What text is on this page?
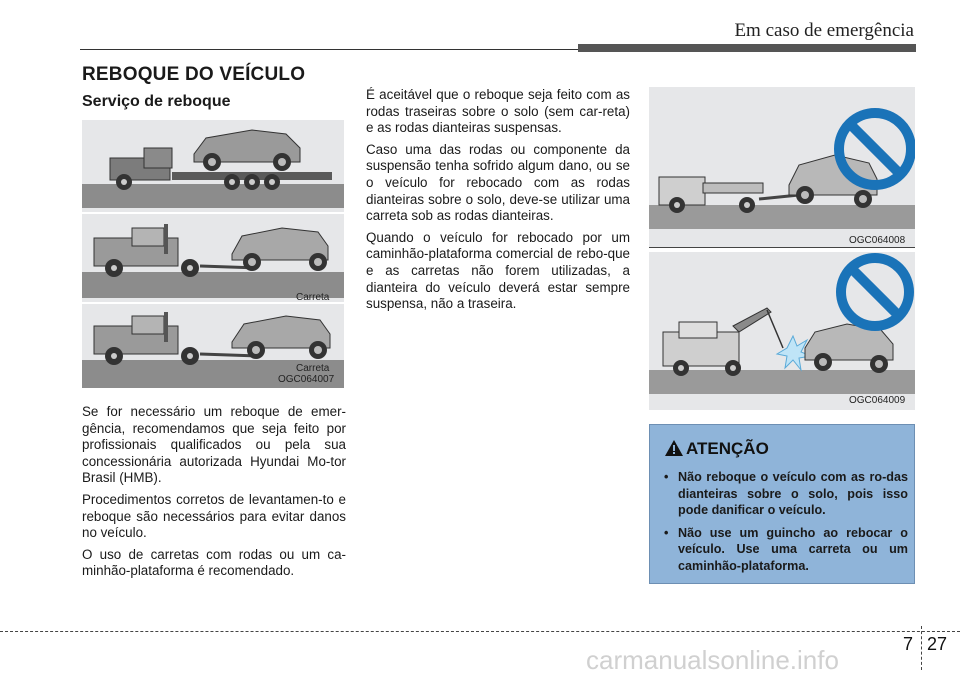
Em caso de emergência
REBOQUE DO VEÍCULO
Serviço de reboque
Carreta
Carreta
OGC064007

Se for necessário um reboque de emer-gência, recomendamos que seja feito por profissionais qualificados ou pela sua concessionária autorizada Hyundai Mo-tor Brasil (HMB).

Procedimentos corretos de levantamen-to e reboque são necessários para evitar danos no veículo.

O uso de carretas com rodas ou um ca-minhão-plataforma é recomendado.

É aceitável que o reboque seja feito com as rodas traseiras sobre o solo (sem car-reta) e as rodas dianteiras suspensas.

Caso uma das rodas ou componente da suspensão tenha sofrido algum dano, ou se o veículo for rebocado com as rodas dianteiras sobre o solo, deve-se utilizar uma carreta sob as rodas dianteiras.

Quando o veículo for rebocado por um caminhão-plataforma comercial de rebo-que e as carretas não forem utilizadas, a dianteira do veículo deverá estar sempre suspensa, não a traseira.

OGC064008
OGC064009
ATENÇÃO
• Não reboque o veículo com as ro-das dianteiras sobre o solo, pois isso pode danificar o veículo.
• Não use um guincho ao rebocar o veículo. Use uma carreta ou um caminhão-plataforma.
7 27
carmanualsonline.info
